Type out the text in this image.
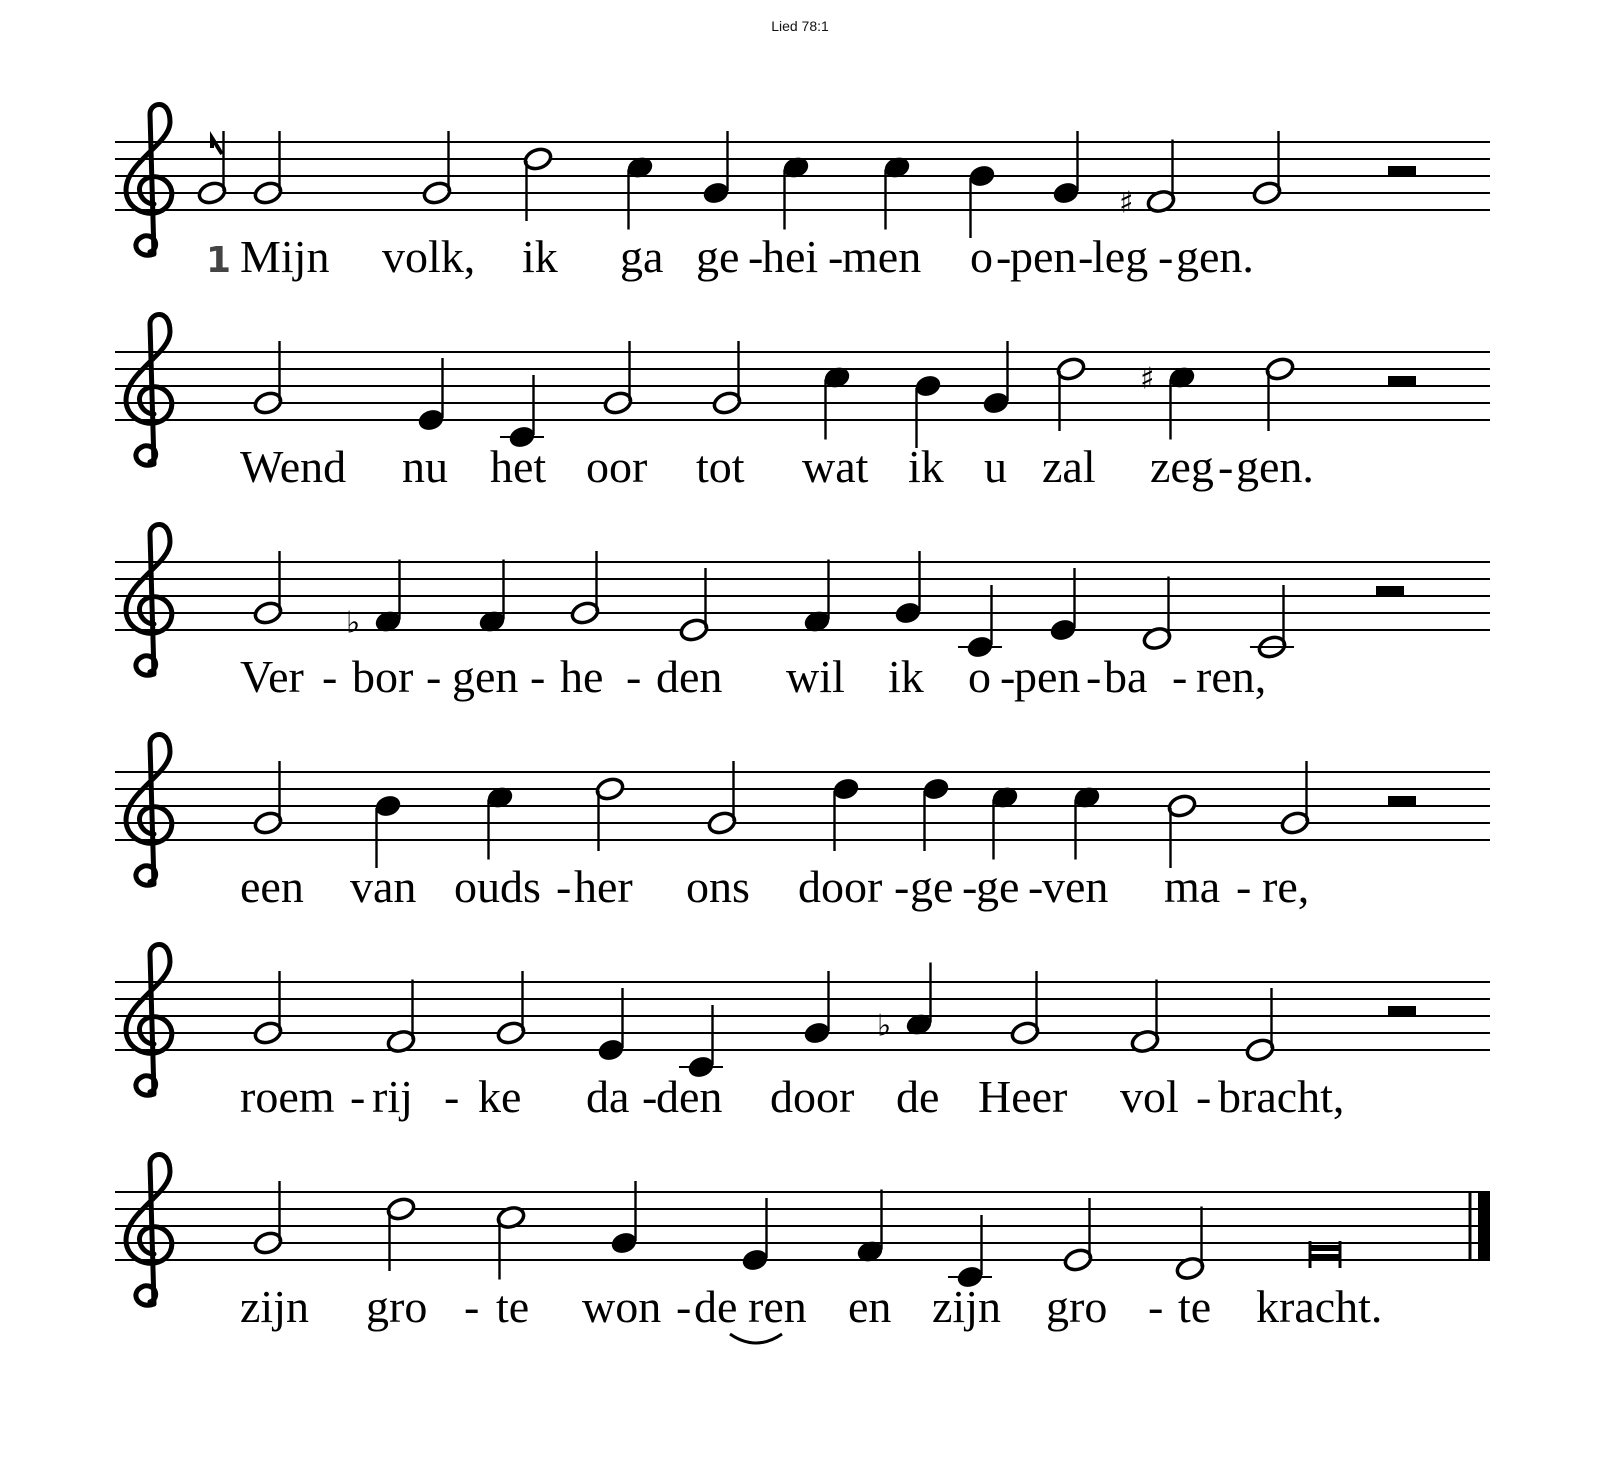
Lied 78:1
♯
1 Mijn volk, ik ga ge -
hei -
men o -
pen -
leg - gen.
♯
Wend nu het oor tot wat ik u zal zeg - gen.
♭
Ver - bor - gen - he - den wil ik o -
pen - ba - ren,
een van ouds - her ons door - ge -
ge -
ven ma - re,
♭
roem - rij - ke da -
den door de Heer vol - bracht,
zijn gro - te won - de ren en zijn gro - te kracht.
